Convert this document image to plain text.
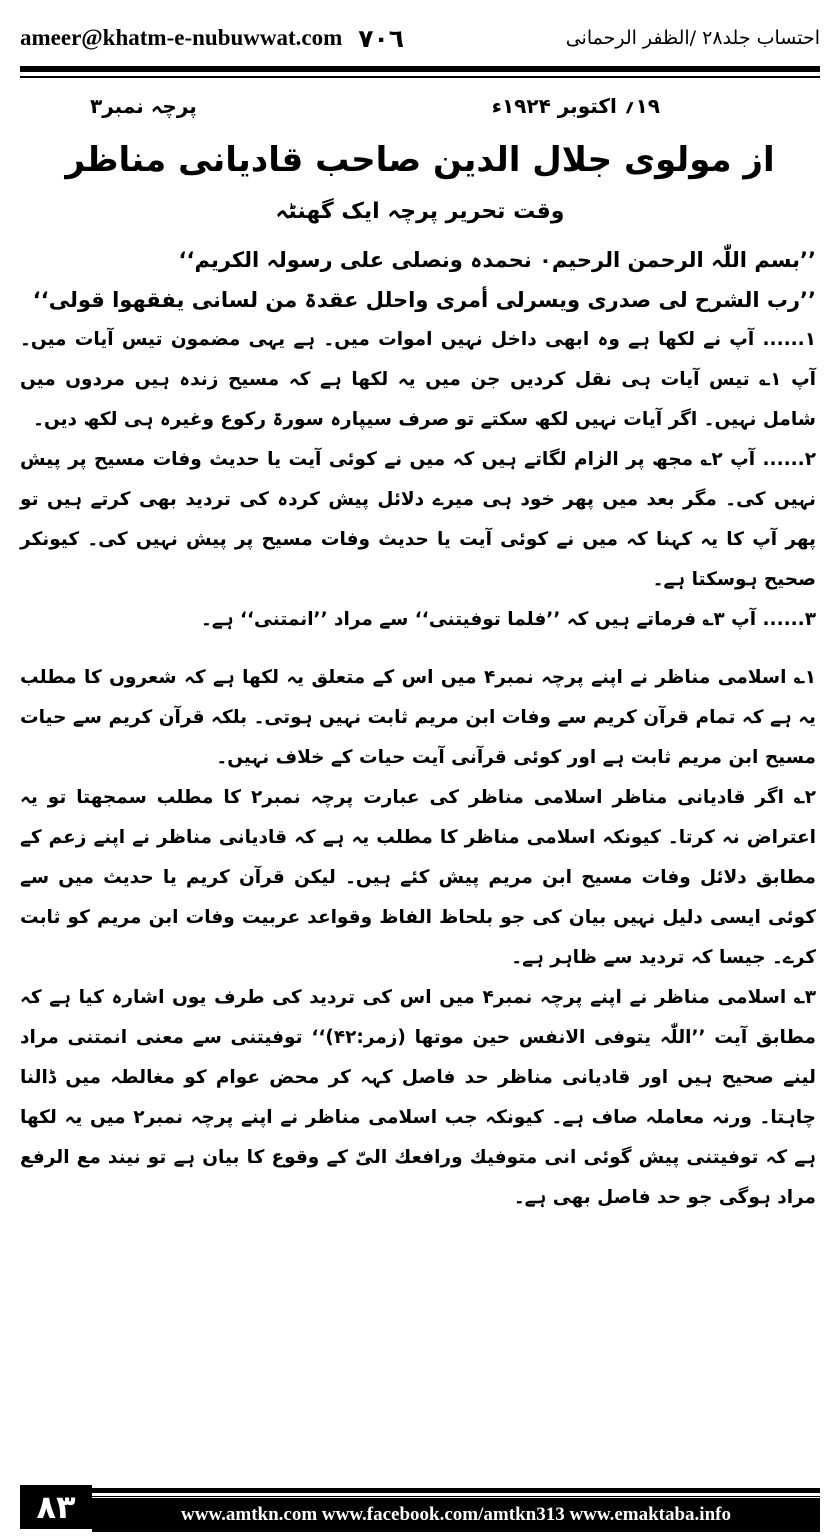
ameer@khatm-e-nubuwwat.com ٧٠٦	احتساب جلد۲۸ /الظفر الرحمانی
۱۹؍ اکتوبر ۱۹۲۴ء
پرچہ نمبر۳
از مولوی جلال الدین صاحب قادیانی مناظر
وقت تحریر پرچہ ایک گھنٹہ

’’بسم اللّٰہ الرحمن الرحیم۰ نحمدہ ونصلی علی رسولہ الکریم‘‘

’’رب الشرح لی صدری ویسرلی أمری واحلل عقدۃ من لسانی یفقھوا قولی‘‘

۱...... آپ نے لکھا ہے وہ ابھی داخل نہیں اموات میں۔ ہے یہی مضمون تیس آیات میں۔ آپ ۱؎ تیس آیات ہی نقل کردیں جن میں یہ لکھا ہے کہ مسیح زندہ ہیں مردوں میں شامل نہیں۔ اگر آیات نہیں لکھ سکتے تو صرف سیپارہ سورۃ رکوع وغیرہ ہی لکھ دیں۔

۲...... آپ ۲؎ مجھ پر الزام لگاتے ہیں کہ میں نے کوئی آیت یا حدیث وفات مسیح پر پیش نہیں کی۔ مگر بعد میں پھر خود ہی میرے دلائل پیش کردہ کی تردید بھی کرتے ہیں تو پھر آپ کا یہ کہنا کہ میں نے کوئی آیت یا حدیث وفات مسیح پر پیش نہیں کی۔ کیونکر صحیح ہوسکتا ہے۔

۳...... آپ ۳؎ فرماتے ہیں کہ ’’فلما توفیتنی‘‘ سے مراد ’’انمتنی‘‘ ہے۔

۱؎ اسلامی مناظر نے اپنے پرچہ نمبر۴ میں اس کے متعلق یہ لکھا ہے کہ شعروں کا مطلب یہ ہے کہ تمام قرآن کریم سے وفات ابن مریم ثابت نہیں ہوتی۔ بلکہ قرآن کریم سے حیات مسیح ابن مریم ثابت ہے اور کوئی قرآنی آیت حیات کے خلاف نہیں۔

۲؎ اگر قادیانی مناظر اسلامی مناظر کی عبارت پرچہ نمبر۲ کا مطلب سمجھتا تو یہ اعتراض نہ کرتا۔ کیونکہ اسلامی مناظر کا مطلب یہ ہے کہ قادیانی مناظر نے اپنے زعم کے مطابق دلائل وفات مسیح ابن مریم پیش کئے ہیں۔ لیکن قرآن کریم یا حدیث میں سے کوئی ایسی دلیل نہیں بیان کی جو بلحاظ الفاظ وقواعد عربیت وفات ابن مریم کو ثابت کرے۔ جیسا کہ تردید سے ظاہر ہے۔

۳؎ اسلامی مناظر نے اپنے پرچہ نمبر۴ میں اس کی تردید کی طرف یوں اشارہ کیا ہے کہ مطابق آیت ’’اللّٰہ یتوفی الانفس حین موتھا (زمر:۴۲)‘‘ توفیتنی سے معنی انمتنی مراد لینے صحیح ہیں اور قادیانی مناظر حد فاصل کہہ کر محض عوام کو مغالطہ میں ڈالنا چاہتا۔ ورنہ معاملہ صاف ہے۔ کیونکہ جب اسلامی مناظر نے اپنے پرچہ نمبر۲ میں یہ لکھا ہے کہ توفیتنی پیش گوئی انی متوفیك ورافعك الیّ کے وقوع کا بیان ہے تو نیند مع الرفع مراد ہوگی جو حد فاصل بھی ہے۔

۸۳	www.amtkn.com www.facebook.com/amtkn313 www.emaktaba.info
